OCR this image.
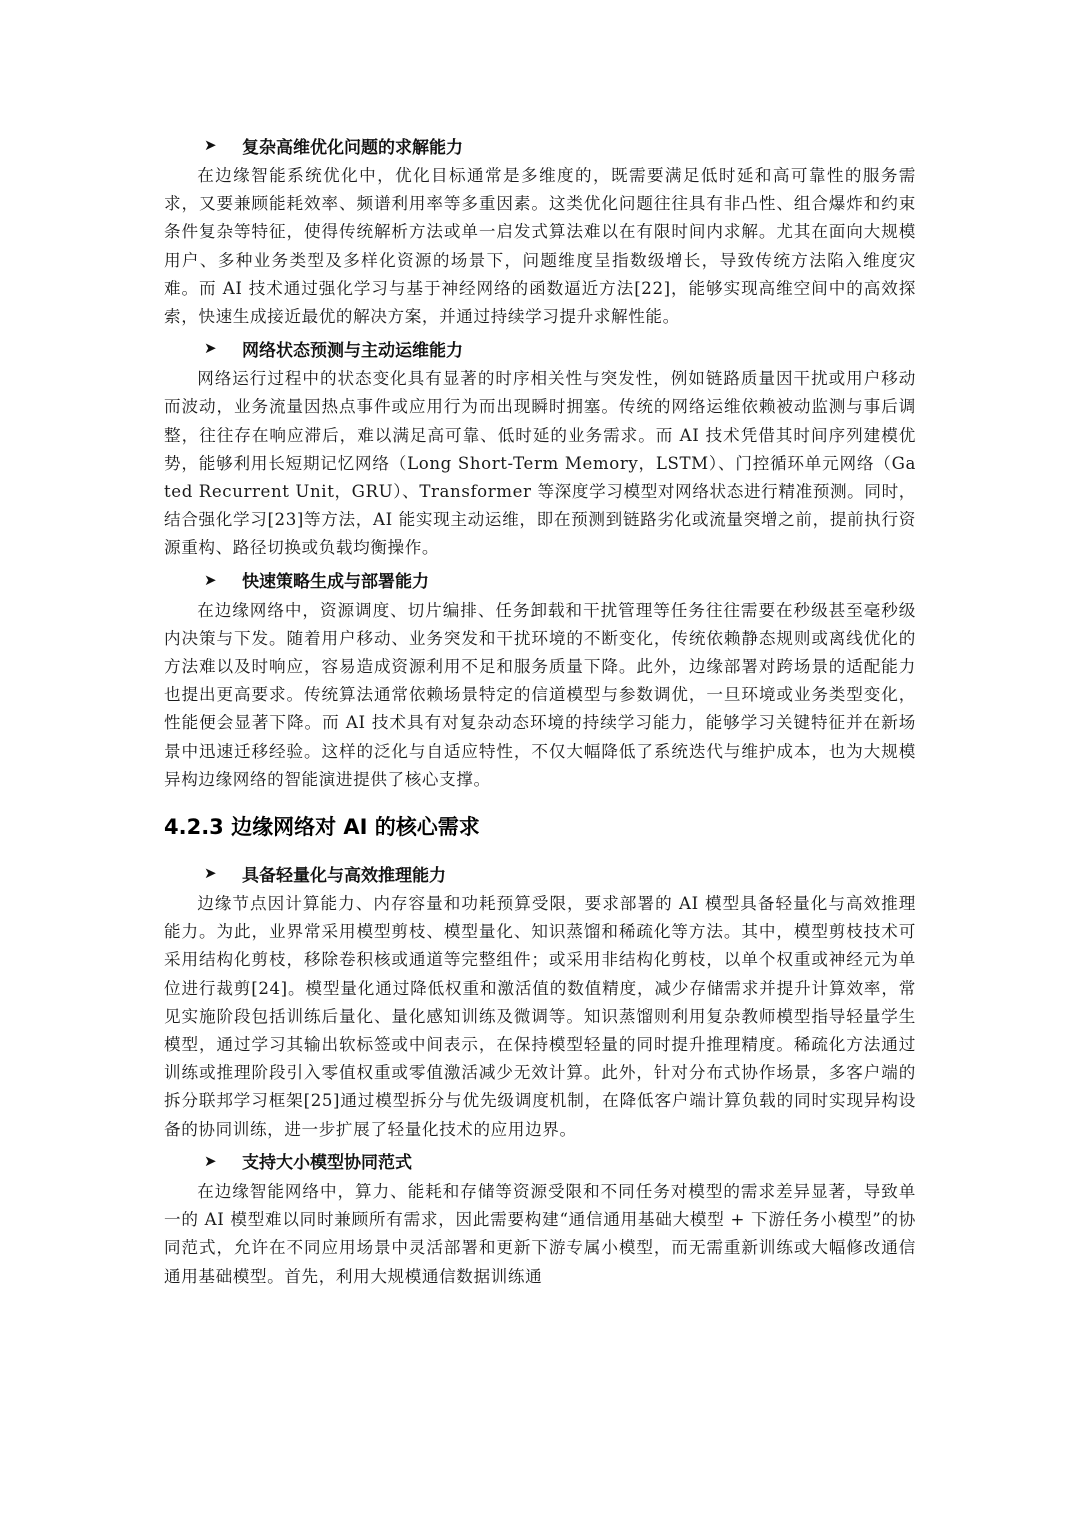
➤	复杂高维优化问题的求解能力

在边缘智能系统优化中，优化目标通常是多维度的，既需要满足低时延和高可靠性的服务需求，又要兼顾能耗效率、频谱利用率等多重因素。这类优化问题往往具有非凸性、组合爆炸和约束条件复杂等特征，使得传统解析方法或单一启发式算法难以在有限时间内求解。尤其在面向大规模用户、多种业务类型及多样化资源的场景下，问题维度呈指数级增长，导致传统方法陷入维度灾难。而 AI 技术通过强化学习与基于神经网络的函数逼近方法[22]，能够实现高维空间中的高效探索，快速生成接近最优的解决方案，并通过持续学习提升求解性能。

➤	网络状态预测与主动运维能力

网络运行过程中的状态变化具有显著的时序相关性与突发性，例如链路质量因干扰或用户移动而波动，业务流量因热点事件或应用行为而出现瞬时拥塞。传统的网络运维依赖被动监测与事后调整，往往存在响应滞后，难以满足高可靠、低时延的业务需求。而 AI 技术凭借其时间序列建模优势，能够利用长短期记忆网络（Long Short-Term Memory，LSTM）、门控循环单元网络（Gated Recurrent Unit，GRU）、Transformer 等深度学习模型对网络状态进行精准预测。同时，结合强化学习[23]等方法，AI 能实现主动运维，即在预测到链路劣化或流量突增之前，提前执行资源重构、路径切换或负载均衡操作。

➤	快速策略生成与部署能力

在边缘网络中，资源调度、切片编排、任务卸载和干扰管理等任务往往需要在秒级甚至毫秒级内决策与下发。随着用户移动、业务突发和干扰环境的不断变化，传统依赖静态规则或离线优化的方法难以及时响应，容易造成资源利用不足和服务质量下降。此外，边缘部署对跨场景的适配能力也提出更高要求。传统算法通常依赖场景特定的信道模型与参数调优，一旦环境或业务类型变化，性能便会显著下降。而 AI 技术具有对复杂动态环境的持续学习能力，能够学习关键特征并在新场景中迅速迁移经验。这样的泛化与自适应特性，不仅大幅降低了系统迭代与维护成本，也为大规模异构边缘网络的智能演进提供了核心支撑。

4.2.3 边缘网络对 AI 的核心需求
➤	具备轻量化与高效推理能力

边缘节点因计算能力、内存容量和功耗预算受限，要求部署的 AI 模型具备轻量化与高效推理能力。为此，业界常采用模型剪枝、模型量化、知识蒸馏和稀疏化等方法。其中，模型剪枝技术可采用结构化剪枝，移除卷积核或通道等完整组件；或采用非结构化剪枝，以单个权重或神经元为单位进行裁剪[24]。模型量化通过降低权重和激活值的数值精度，减少存储需求并提升计算效率，常见实施阶段包括训练后量化、量化感知训练及微调等。知识蒸馏则利用复杂教师模型指导轻量学生模型，通过学习其输出软标签或中间表示，在保持模型轻量的同时提升推理精度。稀疏化方法通过训练或推理阶段引入零值权重或零值激活减少无效计算。此外，针对分布式协作场景，多客户端的拆分联邦学习框架[25]通过模型拆分与优先级调度机制，在降低客户端计算负载的同时实现异构设备的协同训练，进一步扩展了轻量化技术的应用边界。

➤	支持大小模型协同范式

在边缘智能网络中，算力、能耗和存储等资源受限和不同任务对模型的需求差异显著，导致单一的 AI 模型难以同时兼顾所有需求，因此需要构建“通信通用基础大模型 + 下游任务小模型”的协同范式，允许在不同应用场景中灵活部署和更新下游专属小模型，而无需重新训练或大幅修改通信通用基础模型。首先，利用大规模通信数据训练通
